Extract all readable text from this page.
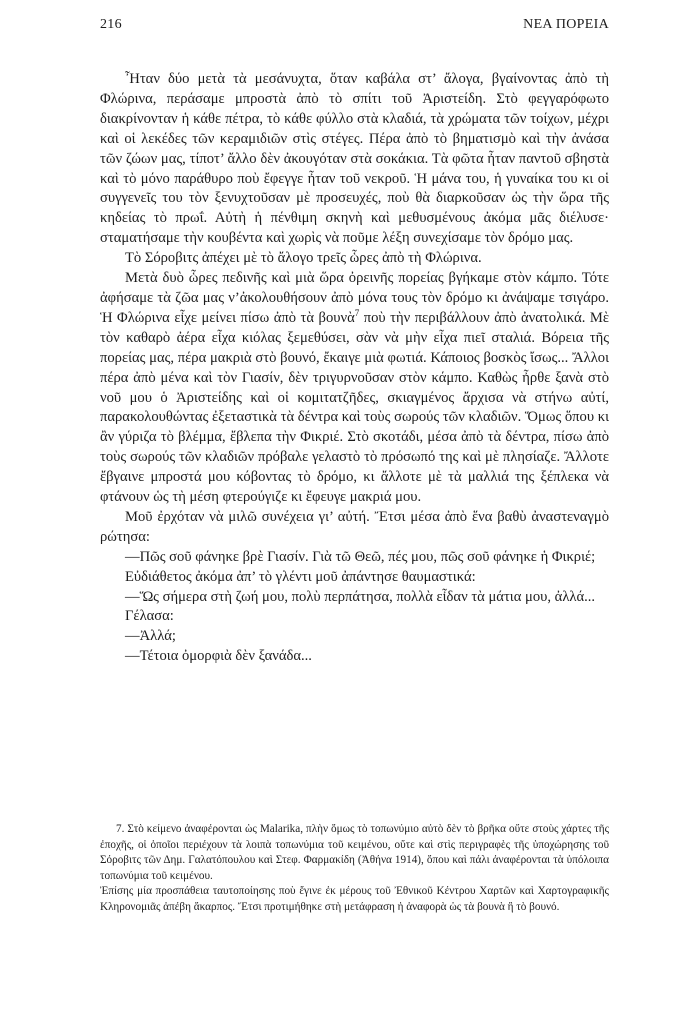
216	ΝΕΑ ΠΟΡΕΙΑ

Ἦταν δύο μετὰ τὰ μεσάνυχτα, ὅταν καβάλα στ’ ἄλογα, βγαίνοντας ἀπὸ τὴ Φλώρινα, περάσαμε μπροστὰ ἀπὸ τὸ σπίτι τοῦ Ἀριστείδη. Στὸ φεγγαρόφωτο διακρίνονταν ἡ κάθε πέτρα, τὸ κάθε φύλλο στὰ κλαδιά, τὰ χρώματα τῶν τοίχων, μέχρι καὶ οἱ λεκέδες τῶν κεραμιδιῶν στὶς στέγες. Πέρα ἀπὸ τὸ βηματισμὸ καὶ τὴν ἀνάσα τῶν ζώων μας, τίποτ’ ἄλλο δὲν ἀκουγόταν στὰ σοκάκια. Τὰ φῶτα ἦταν παντοῦ σβηστὰ καὶ τὸ μόνο παράθυρο ποὺ ἔφεγγε ἦταν τοῦ νεκροῦ. Ἡ μάνα του, ἡ γυναίκα του κι οἱ συγγενεῖς του τὸν ξενυχτοῦσαν μὲ προσευχές, ποὺ θὰ διαρκοῦσαν ὡς τὴν ὥρα τῆς κηδείας τὸ πρωΐ. Αὐτὴ ἡ πένθιμη σκηνὴ καὶ μεθυσμένους ἀκόμα μᾶς διέλυσε· σταματήσαμε τὴν κουβέντα καὶ χωρὶς νὰ ποῦμε λέξη συνεχίσαμε τὸν δρόμο μας.

Τὸ Σόροβιτς ἀπέχει μὲ τὸ ἄλογο τρεῖς ὧρες ἀπὸ τὴ Φλώρινα.

Μετὰ δυὸ ὧρες πεδινῆς καὶ μιὰ ὥρα ὀρεινῆς πορείας βγήκαμε στὸν κάμπο. Τότε ἀφήσαμε τὰ ζῶα μας ν’ἀκολουθήσουν ἀπὸ μόνα τους τὸν δρόμο κι ἀνάψαμε τσιγάρο. Ἡ Φλώρινα εἶχε μείνει πίσω ἀπὸ τὰ βουνὰ$^7$ ποὺ τὴν περιβάλλουν ἀπὸ ἀνατολικά. Μὲ τὸν καθαρὸ ἀέρα εἶχα κιόλας ξεμεθύσει, σὰν νὰ μὴν εἶχα πιεῖ σταλιά. Βόρεια τῆς πορείας μας, πέρα μακριὰ στὸ βουνό, ἔκαιγε μιὰ φωτιά. Κάποιος βοσκὸς ἴσως... Ἄλλοι πέρα ἀπὸ μένα καὶ τὸν Γιασίν, δὲν τριγυρνοῦσαν στὸν κάμπο. Καθὼς ἦρθε ξανὰ στὸ νοῦ μου ὁ Ἀριστείδης καὶ οἱ κομιτατζῆδες, σκιαγμένος ἄρχισα νὰ στήνω αὐτί, παρακολουθώντας ἐξεταστικὰ τὰ δέντρα καὶ τοὺς σωρούς τῶν κλαδιῶν. Ὅμως ὅπου κι ἂν γύριζα τὸ βλέμμα, ἔβλεπα τὴν Φικριέ. Στὸ σκοτάδι, μέσα ἀπὸ τὰ δέντρα, πίσω ἀπὸ τοὺς σωρούς τῶν κλαδιῶν πρόβαλε γελαστὸ τὸ πρόσωπό της καὶ μὲ πλησίαζε. Ἄλλοτε ἔβγαινε μπροστά μου κόβοντας τὸ δρόμο, κι ἄλλοτε μὲ τὰ μαλλιά της ξέπλεκα νὰ φτάνουν ὡς τὴ μέση φτερούγιζε κι ἔφευγε μακριά μου.

Μοῦ ἐρχόταν νὰ μιλῶ συνέχεια γι’ αὐτή. Ἔτσι μέσα ἀπὸ ἕνα βαθὺ ἀναστεναγμὸ ρώτησα:

—Πῶς σοῦ φάνηκε βρὲ Γιασίν. Γιὰ τῶ Θεῶ, πές μου, πῶς σοῦ φάνηκε ἡ Φικριέ;

Εὐδιάθετος ἀκόμα ἀπ’ τὸ γλέντι μοῦ ἀπάντησε θαυμαστικά:

—Ὥς σήμερα στὴ ζωή μου, πολὺ περπάτησα, πολλὰ εἶδαν τὰ μάτια μου, ἀλλά...

Γέλασα:

—Ἀλλά;

—Τέτοια ὀμορφιὰ δὲν ξανάδα...

7. Στὸ κείμενο ἀναφέρονται ὡς Malarika, πλὴν ὅμως τὸ τοπωνύμιο αὐτὸ δὲν τὸ βρῆκα οὔτε στοὺς χάρτες τῆς ἐποχῆς, οἱ ὁποῖοι περιέχουν τὰ λοιπὰ τοπωνύμια τοῦ κειμένου, οὔτε καὶ στὶς περιγραφὲς τῆς ὑποχώρησης τοῦ Σόροβιτς τῶν Δημ. Γαλατόπουλου καὶ Στεφ. Φαρμακίδη (Ἀθήνα 1914), ὅπου καὶ πάλι ἀναφέρονται τὰ ὑπόλοιπα τοπωνύμια τοῦ κειμένου.

Ἐπίσης μία προσπάθεια ταυτοποίησης ποὺ ἔγινε ἐκ μέρους τοῦ Ἐθνικοῦ Κέντρου Χαρτῶν καὶ Χαρτογραφικῆς Κληρονομιᾶς ἀπέβη ἄκαρπος. Ἔτσι προτιμήθηκε στὴ μετάφραση ἡ ἀναφορὰ ὡς τὰ βουνὰ ἢ τὸ βουνό.
